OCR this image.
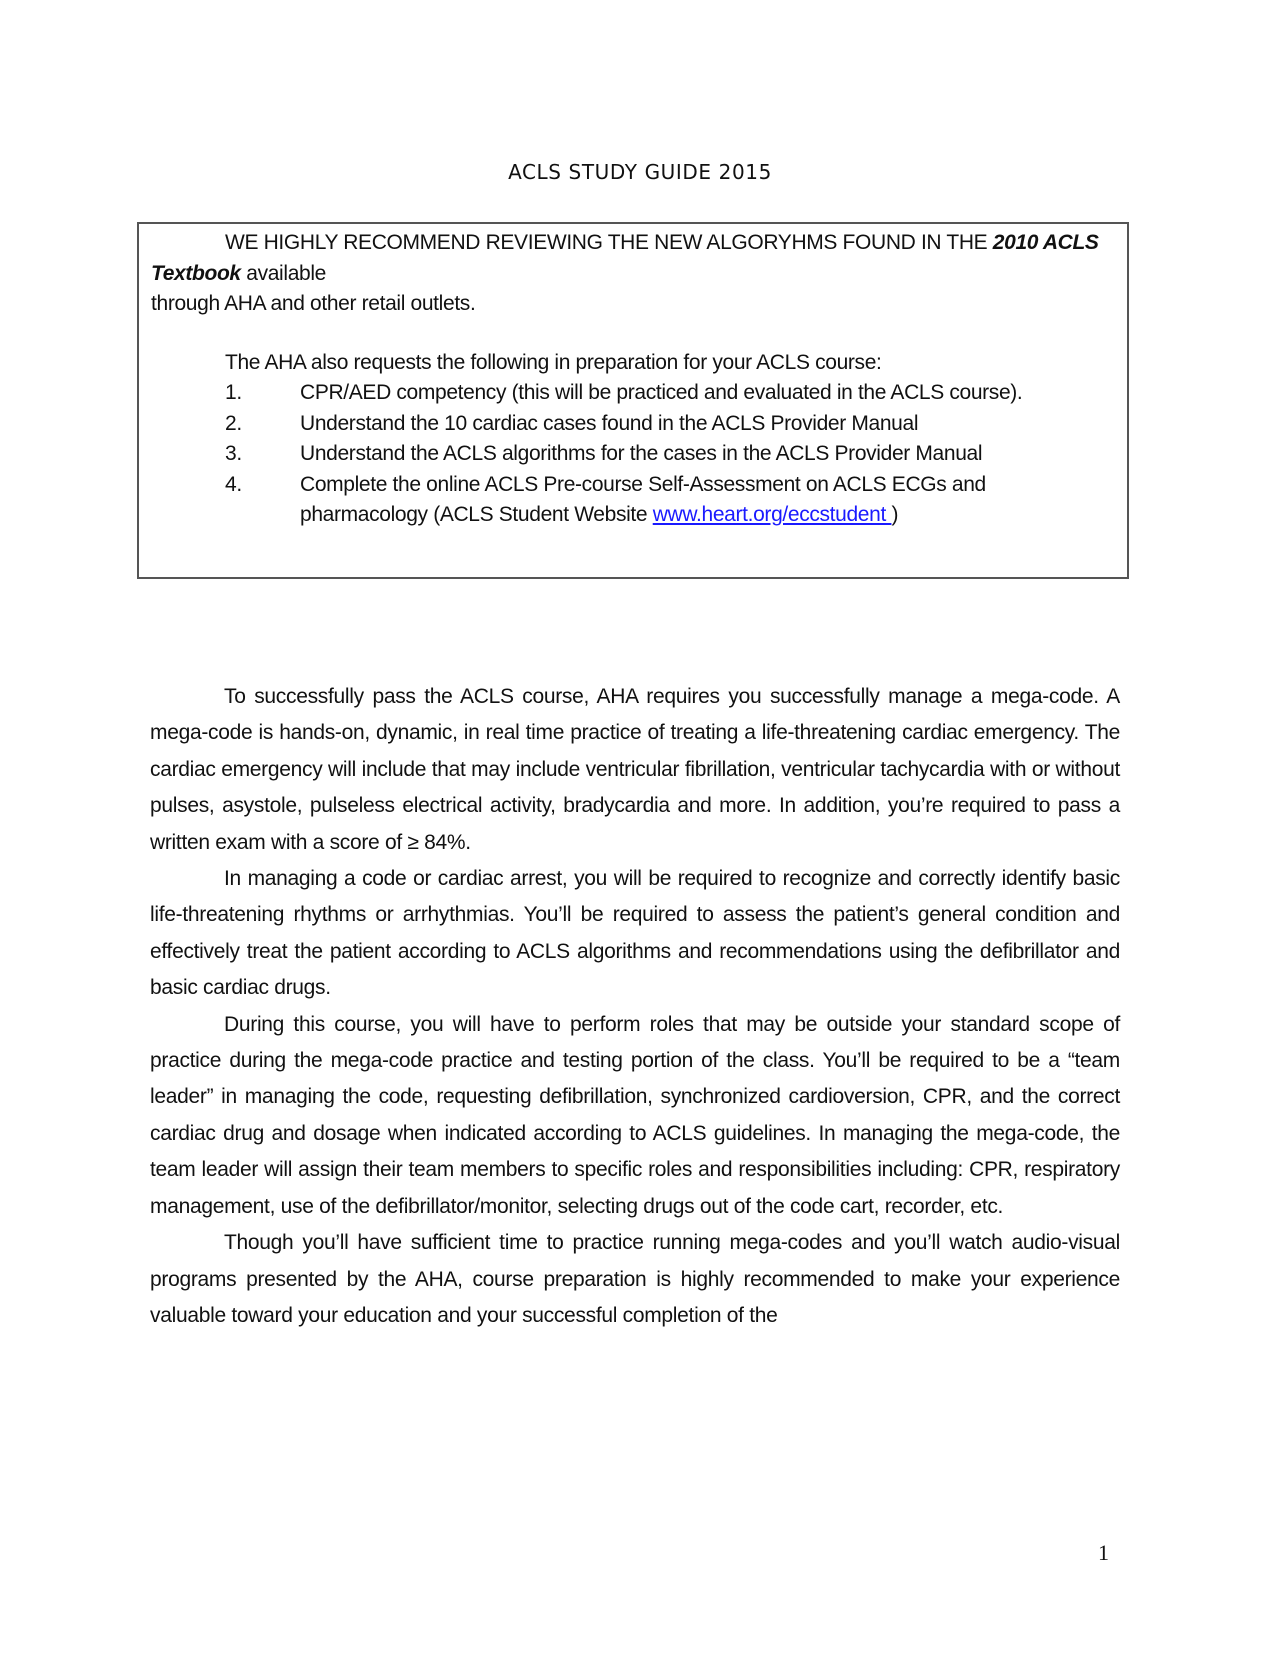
ACLS STUDY GUIDE 2015
WE HIGHLY RECOMMEND REVIEWING THE NEW ALGORYHMS FOUND IN THE 2010 ACLS
Textbook available
through AHA and other retail outlets.
The AHA also requests the following in preparation for your ACLS course:
1.	CPR/AED competency (this will be practiced and evaluated in the ACLS course).
2.	Understand the 10 cardiac cases found in the ACLS Provider Manual
3.	Understand the ACLS algorithms for the cases in the ACLS Provider Manual
4.	Complete the online ACLS Pre-course Self-Assessment on ACLS ECGs and
pharmacology (ACLS Student Website www.heart.org/eccstudent )

To successfully pass the ACLS course, AHA requires you successfully manage a mega-code. A mega-code is hands-on, dynamic, in real time practice of treating a life-threatening cardiac emergency. The cardiac emergency will include that may include ventricular fibrillation, ventricular tachycardia with or without pulses, asystole, pulseless electrical activity, bradycardia and more. In addition, you’re required to pass a written exam with a score of ≥ 84%.

In managing a code or cardiac arrest, you will be required to recognize and correctly identify basic life-threatening rhythms or arrhythmias. You’ll be required to assess the patient’s general condition and effectively treat the patient according to ACLS algorithms and recommendations using the defibrillator and basic cardiac drugs.

During this course, you will have to perform roles that may be outside your standard scope of practice during the mega-code practice and testing portion of the class. You’ll be required to be a “team leader” in managing the code, requesting defibrillation, synchronized cardioversion, CPR, and the correct cardiac drug and dosage when indicated according to ACLS guidelines. In managing the mega-code, the team leader will assign their team members to specific roles and responsibilities including: CPR, respiratory management, use of the defibrillator/monitor, selecting drugs out of the code cart, recorder, etc.

Though you’ll have sufficient time to practice running mega-codes and you’ll watch audio-visual programs presented by the AHA, course preparation is highly recommended to make your experience valuable toward your education and your successful completion of the

1
